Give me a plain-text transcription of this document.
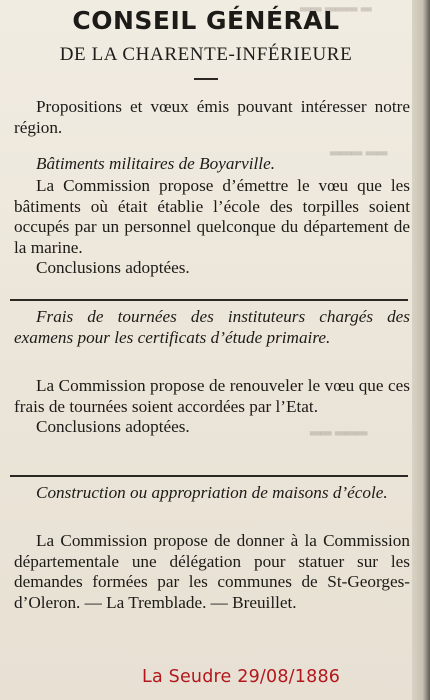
▂▂ ▂▂▂ ▂
▂▂▂ ▂▂
▂▂ ▂▂▂
CONSEIL GÉNÉRAL
DE LA CHARENTE-INFÉRIEURE
Propositions et vœux émis pouvant intéresser notre région.
Bâtiments militaires de Boyarville.
La Commission propose d’émettre le vœu que les bâtiments où était établie l’école des torpilles soient occupés par un personnel quelconque du département de la marine.
Conclusions adoptées.
Frais de tournées des instituteurs chargés des examens pour les certificats d’étude primaire.
La Commission propose de renouveler le vœu que ces frais de tournées soient accordées par l’Etat.
Conclusions adoptées.
Construction ou appropriation de maisons d’école.
La Commission propose de donner à la Commission départementale une délégation pour statuer sur les demandes formées par les communes de St-Georges-d’Oleron. — La Tremblade. — Breuillet.
La Seudre 29/08/1886
